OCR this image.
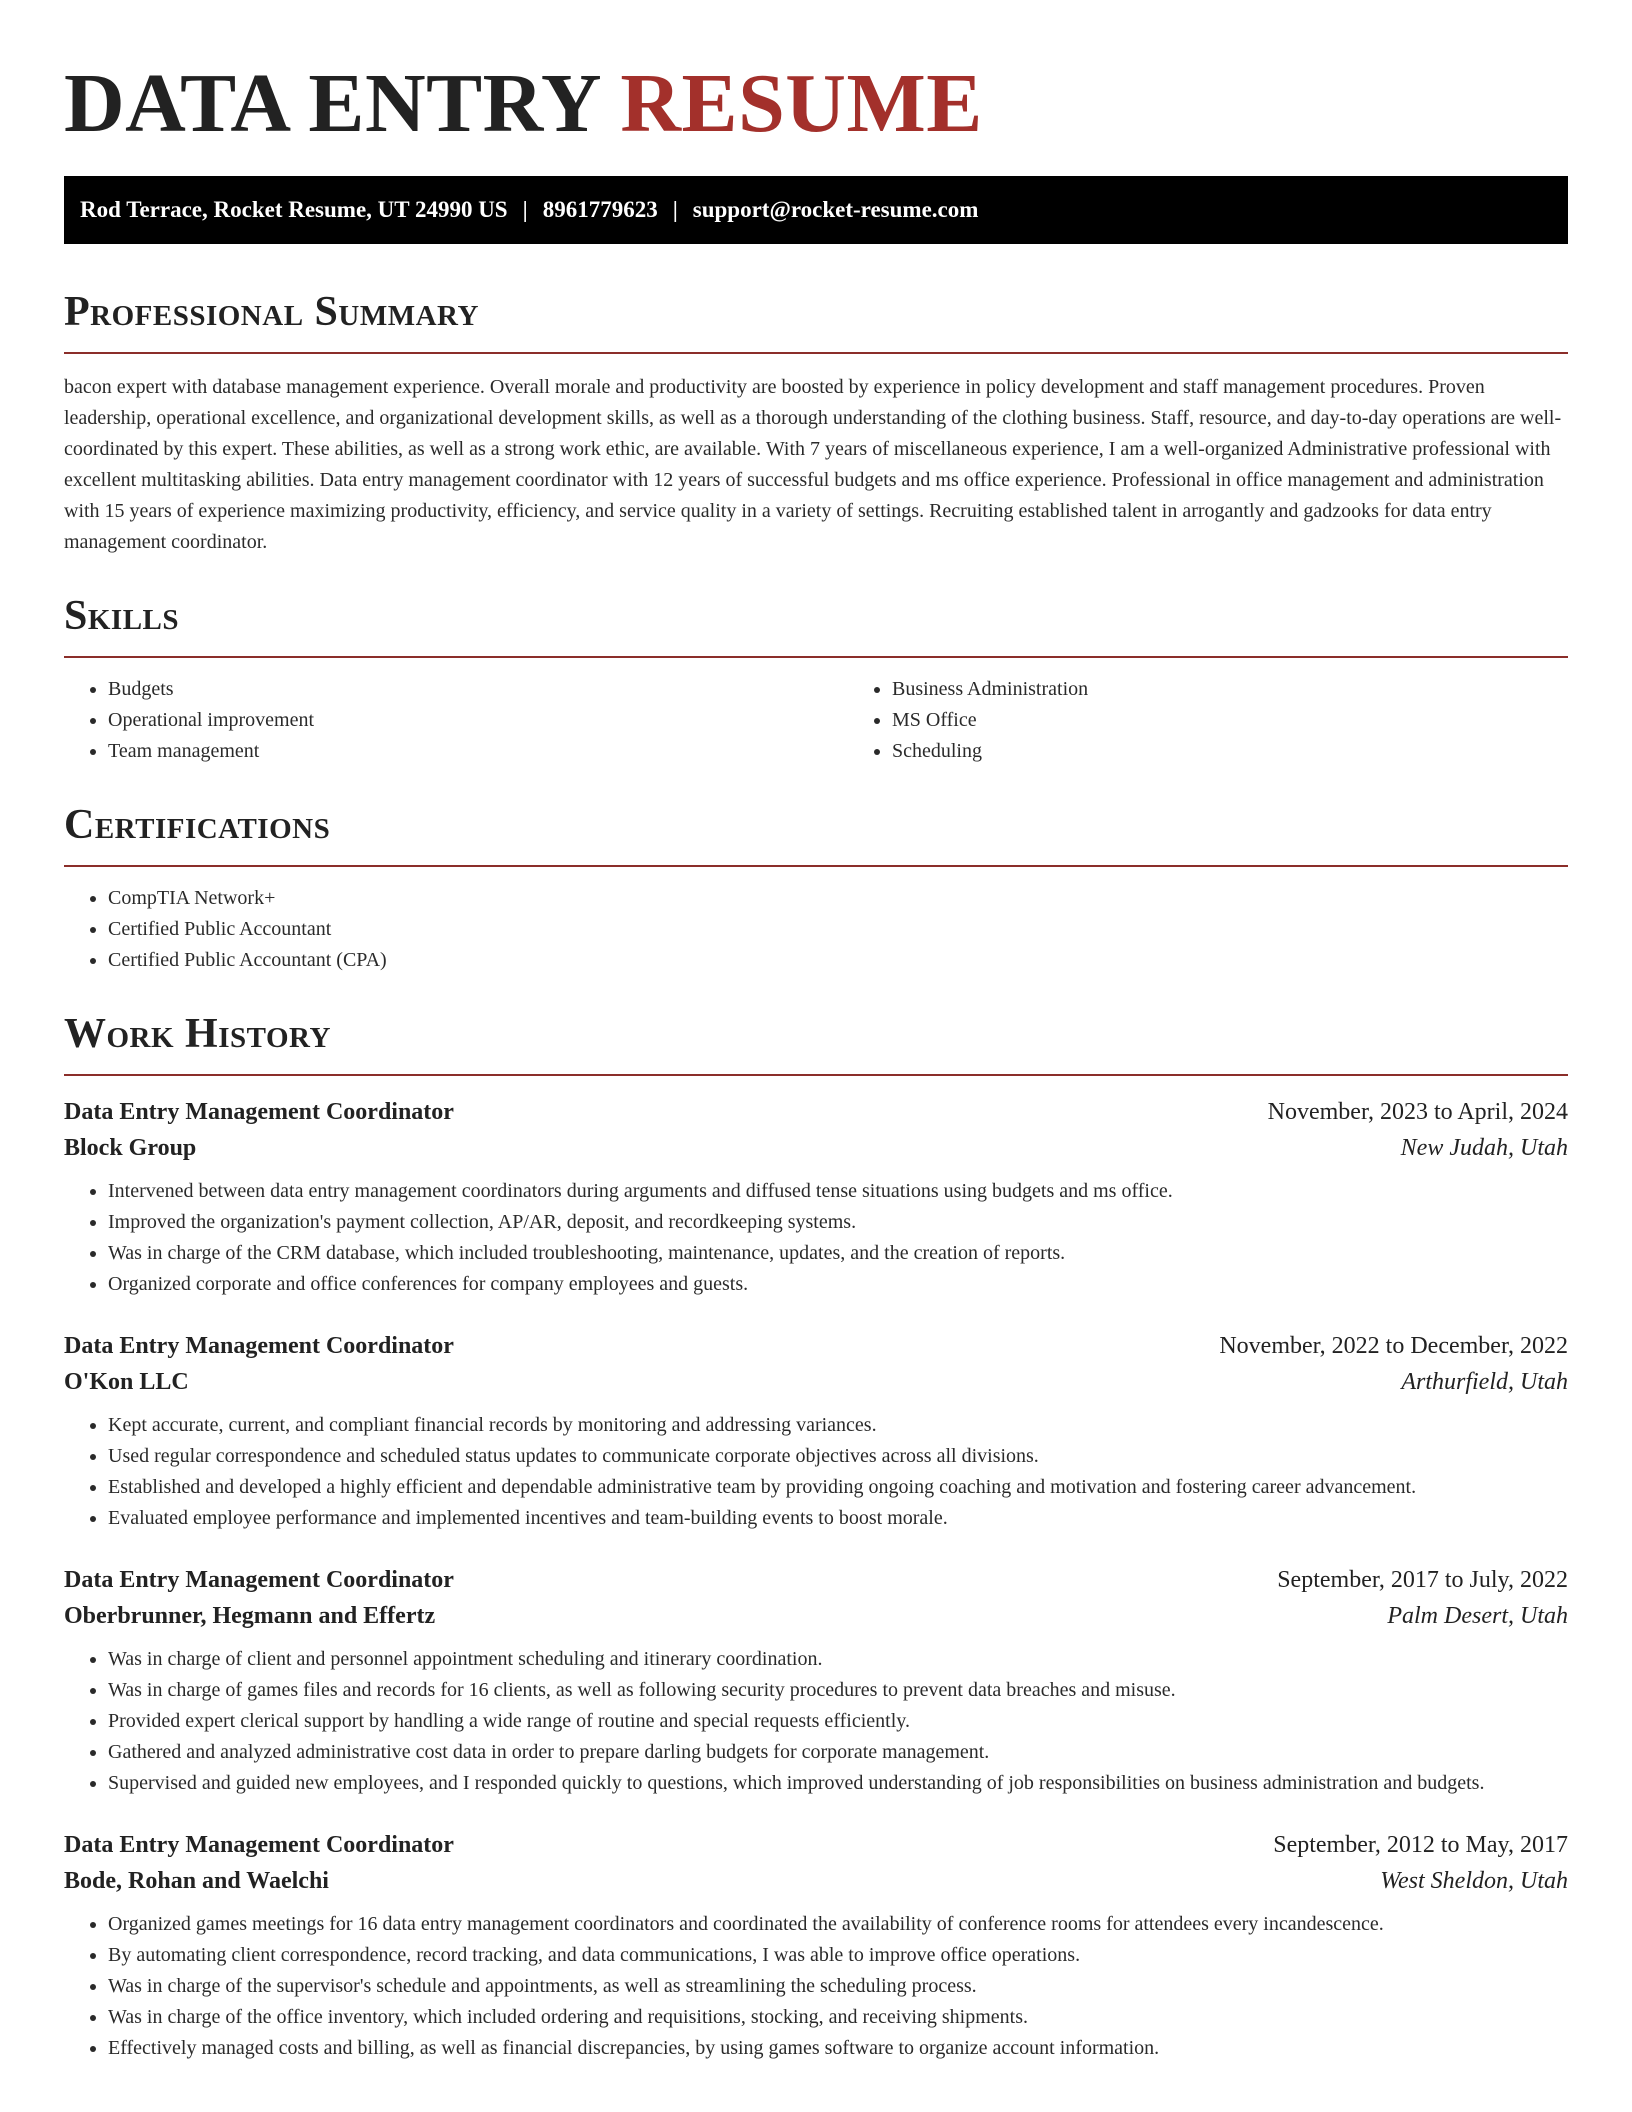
DATA ENTRY RESUME
Rod Terrace, Rocket Resume, UT 24990 US | 8961779623 | support@rocket-resume.com
Professional Summary

bacon expert with database management experience. Overall morale and productivity are boosted by experience in policy development and staff management procedures. Proven leadership, operational excellence, and organizational development skills, as well as a thorough understanding of the clothing business. Staff, resource, and day-to-day operations are well-coordinated by this expert. These abilities, as well as a strong work ethic, are available. With 7 years of miscellaneous experience, I am a well-organized Administrative professional with excellent multitasking abilities. Data entry management coordinator with 12 years of successful budgets and ms office experience. Professional in office management and administration with 15 years of experience maximizing productivity, efficiency, and service quality in a variety of settings. Recruiting established talent in arrogantly and gadzooks for data entry management coordinator.

Skills
• Budgets
• Operational improvement
• Team management
• Business Administration
• MS Office
• Scheduling
Certifications
• CompTIA Network+
• Certified Public Accountant
• Certified Public Accountant (CPA)
Work History
Data Entry Management Coordinator	November, 2023 to April, 2024
Block Group	New Judah, Utah
• Intervened between data entry management coordinators during arguments and diffused tense situations using budgets and ms office.
• Improved the organization's payment collection, AP/AR, deposit, and recordkeeping systems.
• Was in charge of the CRM database, which included troubleshooting, maintenance, updates, and the creation of reports.
• Organized corporate and office conferences for company employees and guests.
Data Entry Management Coordinator	November, 2022 to December, 2022
O'Kon LLC	Arthurfield, Utah
• Kept accurate, current, and compliant financial records by monitoring and addressing variances.
• Used regular correspondence and scheduled status updates to communicate corporate objectives across all divisions.
• Established and developed a highly efficient and dependable administrative team by providing ongoing coaching and motivation and fostering career advancement.
• Evaluated employee performance and implemented incentives and team-building events to boost morale.
Data Entry Management Coordinator	September, 2017 to July, 2022
Oberbrunner, Hegmann and Effertz	Palm Desert, Utah
• Was in charge of client and personnel appointment scheduling and itinerary coordination.
• Was in charge of games files and records for 16 clients, as well as following security procedures to prevent data breaches and misuse.
• Provided expert clerical support by handling a wide range of routine and special requests efficiently.
• Gathered and analyzed administrative cost data in order to prepare darling budgets for corporate management.
• Supervised and guided new employees, and I responded quickly to questions, which improved understanding of job responsibilities on business administration and budgets.
Data Entry Management Coordinator	September, 2012 to May, 2017
Bode, Rohan and Waelchi	West Sheldon, Utah
• Organized games meetings for 16 data entry management coordinators and coordinated the availability of conference rooms for attendees every incandescence.
• By automating client correspondence, record tracking, and data communications, I was able to improve office operations.
• Was in charge of the supervisor's schedule and appointments, as well as streamlining the scheduling process.
• Was in charge of the office inventory, which included ordering and requisitions, stocking, and receiving shipments.
• Effectively managed costs and billing, as well as financial discrepancies, by using games software to organize account information.
